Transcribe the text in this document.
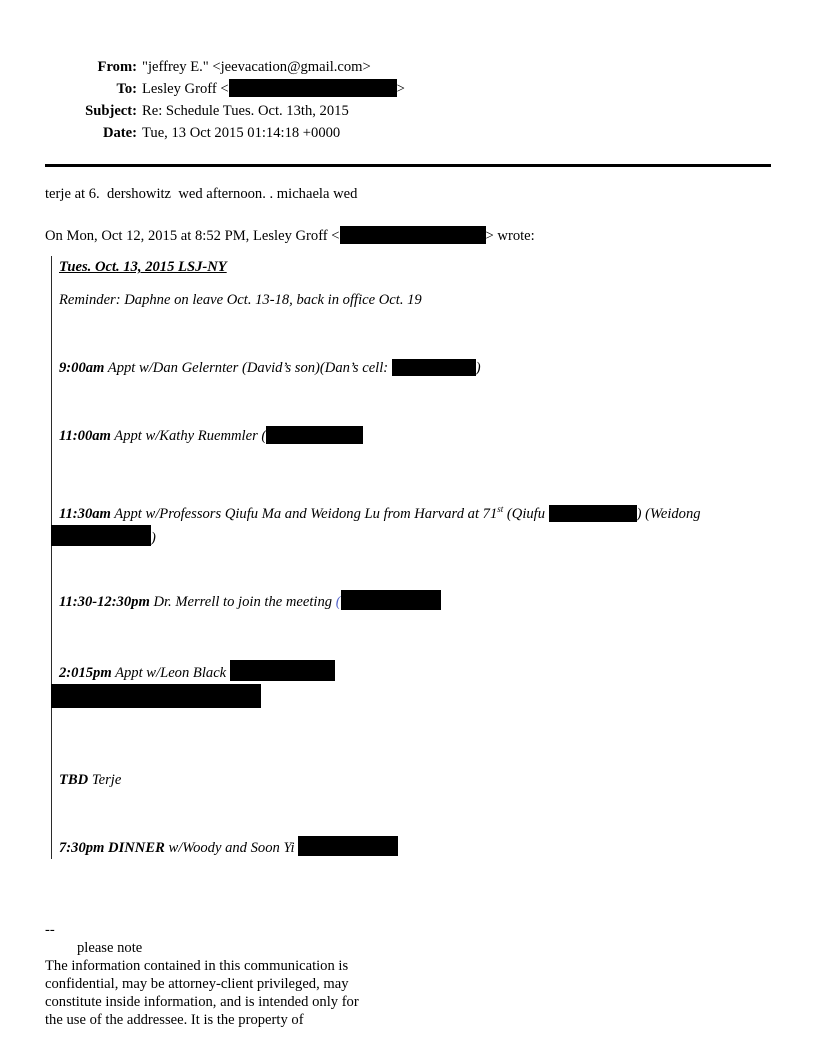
From: "jeffrey E." <jeevacation@gmail.com>
To: Lesley Groff <	>
Subject: Re: Schedule Tues. Oct. 13th, 2015
Date: Tue, 13 Oct 2015 01:14:18 +0000
terje at 6.  dershowitz  wed afternoon. . michaela wed
On Mon, Oct 12, 2015 at 8:52 PM, Lesley Groff <	> wrote:
Tues. Oct. 13, 2015 LSJ-NY
Reminder: Daphne on leave Oct. 13-18, back in office Oct. 19
9:00am Appt w/Dan Gelernter (David’s son)(Dan’s cell:	)
11:00am Appt w/Kathy Ruemmler (
11:30am Appt w/Professors Qiufu Ma and Weidong Lu from Harvard at 71st (Qiufu	) (Weidong
)
11:30-12:30pm Dr. Merrell to join the meeting (
2:015pm Appt w/Leon Black

TBD Terje
7:30pm DINNER w/Woody and Soon Yi
--
please note
The information contained in this communication is
confidential, may be attorney-client privileged, may
constitute inside information, and is intended only for
the use of the addressee. It is the property of
